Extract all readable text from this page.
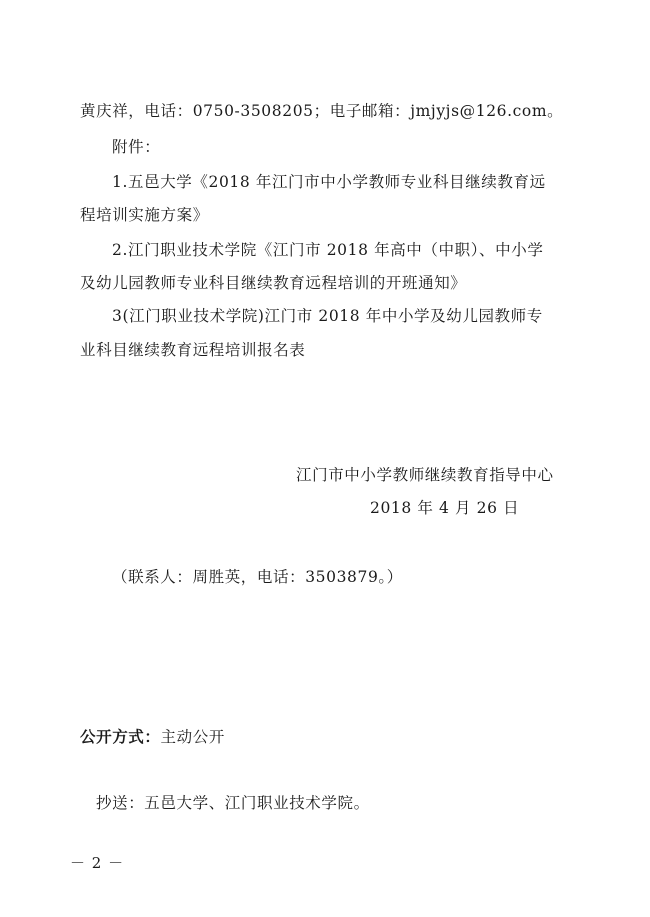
黄庆祥，电话：0750-3508205；电子邮箱：jmjyjs@126.com。
附件：
1.五邑大学《2018 年江门市中小学教师专业科目继续教育远
程培训实施方案》
2.江门职业技术学院《江门市 2018 年高中（中职）、中小学
及幼儿园教师专业科目继续教育远程培训的开班通知》
3(江门职业技术学院)江门市 2018 年中小学及幼儿园教师专
业科目继续教育远程培训报名表
江门市中小学教师继续教育指导中心
2018 年 4 月 26 日
（联系人：周胜英，电话：3503879。）
公开方式：主动公开
抄送：五邑大学、江门职业技术学院。
－ 2 －
